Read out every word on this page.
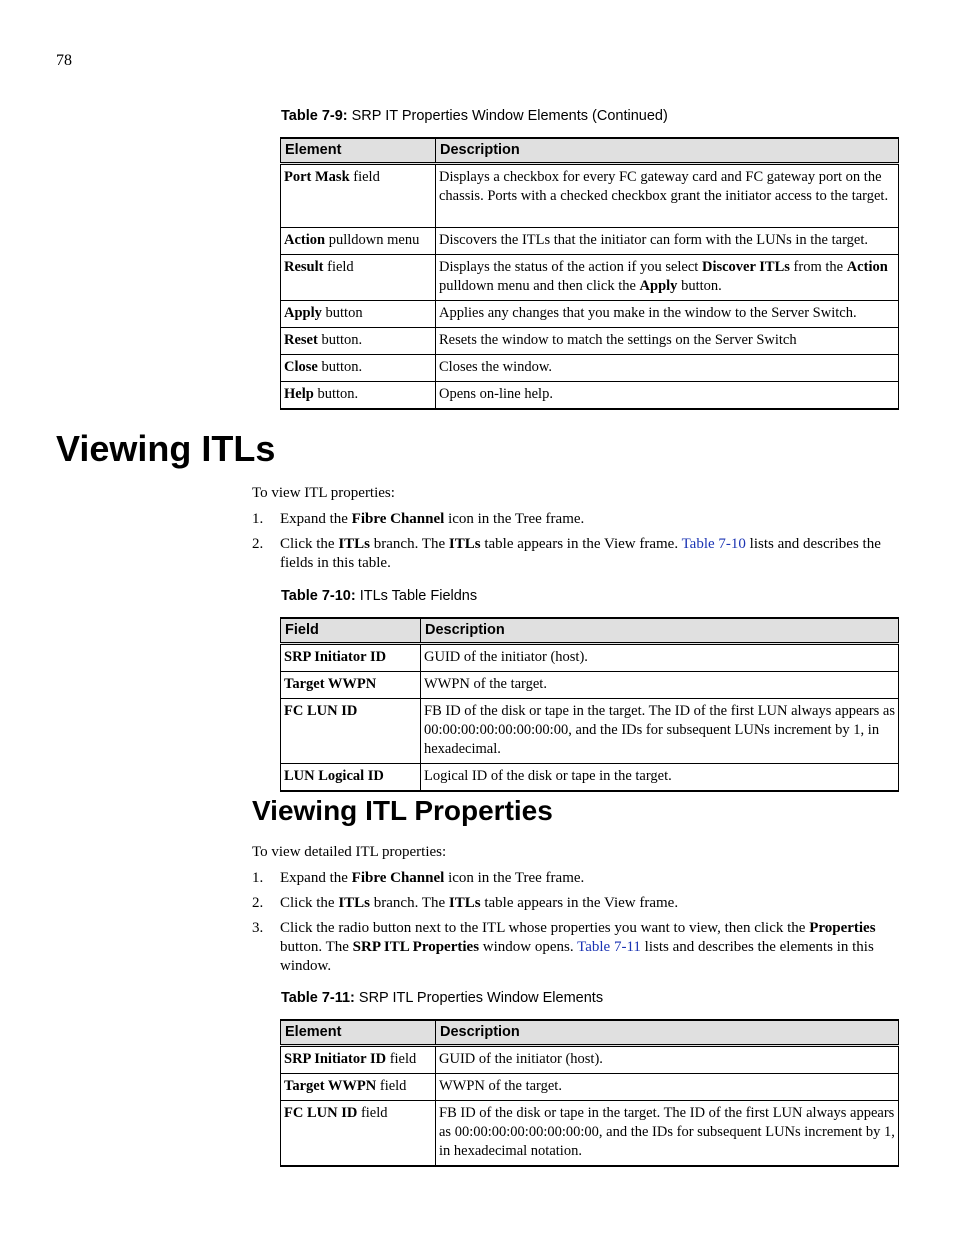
78
Table 7-9: SRP IT Properties Window Elements (Continued)
Element	Description
Port Mask field	Displays a checkbox for every FC gateway card and FC gateway port on the chassis. Ports with a checked checkbox grant the initiator access to the target.
Action pulldown menu	Discovers the ITLs that the initiator can form with the LUNs in the target.
Result field	Displays the status of the action if you select Discover ITLs from the Action pulldown menu and then click the Apply button.
Apply button	Applies any changes that you make in the window to the Server Switch.
Reset button.	Resets the window to match the settings on the Server Switch
Close button.	Closes the window.
Help button.	Opens on-line help.
Viewing ITLs
To view ITL properties:
1. Expand the Fibre Channel icon in the Tree frame.
2. Click the ITLs branch. The ITLs table appears in the View frame. Table 7-10 lists and describes the fields in this table.
Table 7-10: ITLs Table Fieldns
Field	Description
SRP Initiator ID	GUID of the initiator (host).
Target WWPN	WWPN of the target.
FC LUN ID	FB ID of the disk or tape in the target. The ID of the first LUN always appears as 00:00:00:00:00:00:00:00, and the IDs for subsequent LUNs increment by 1, in hexadecimal.
LUN Logical ID	Logical ID of the disk or tape in the target.
Viewing ITL Properties
To view detailed ITL properties:
1. Expand the Fibre Channel icon in the Tree frame.
2. Click the ITLs branch. The ITLs table appears in the View frame.
3. Click the radio button next to the ITL whose properties you want to view, then click the Properties button. The SRP ITL Properties window opens. Table 7-11 lists and describes the elements in this window.
Table 7-11: SRP ITL Properties Window Elements
Element	Description
SRP Initiator ID field	GUID of the initiator (host).
Target WWPN field	WWPN of the target.
FC LUN ID field	FB ID of the disk or tape in the target. The ID of the first LUN always appears as 00:00:00:00:00:00:00:00, and the IDs for subsequent LUNs increment by 1, in hexadecimal notation.
